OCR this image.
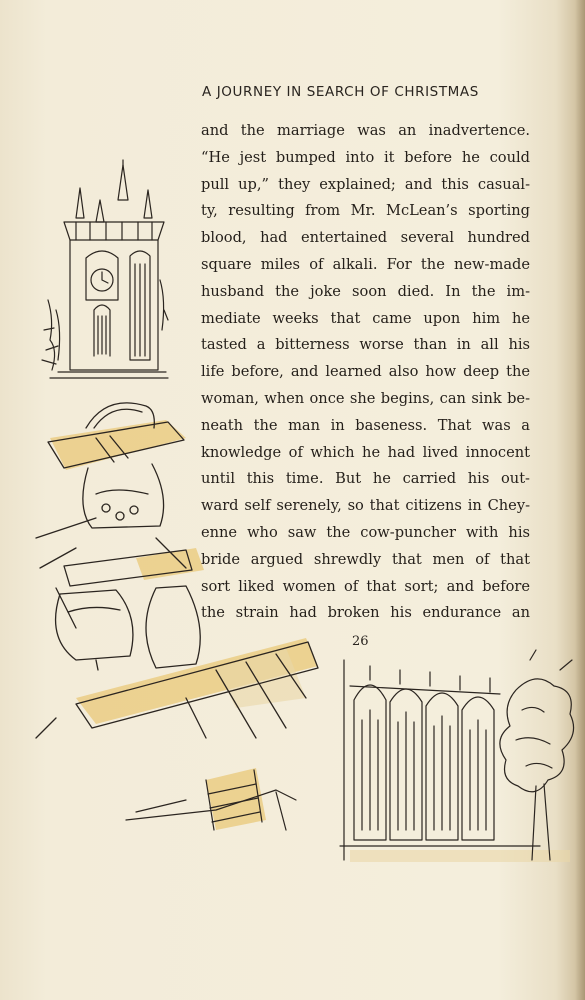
A JOURNEY IN SEARCH OF CHRISTMAS
and the marriage was an inadvertence.
“He jest bumped into it before he could
pull up,” they explained; and this casual-
ty, resulting from Mr. McLean’s sporting
blood, had entertained several hundred
square miles of alkali. For the new-made
husband the joke soon died. In the im-
mediate weeks that came upon him he
tasted a bitterness worse than in all his
life before, and learned also how deep the
woman, when once she begins, can sink be-
neath the man in baseness. That was a
knowledge of which he had lived innocent
until this time. But he carried his out-
ward self serenely, so that citizens in Chey-
enne who saw the cow-puncher with his
bride argued shrewdly that men of that
sort liked women of that sort; and before
the strain had broken his endurance an
26
